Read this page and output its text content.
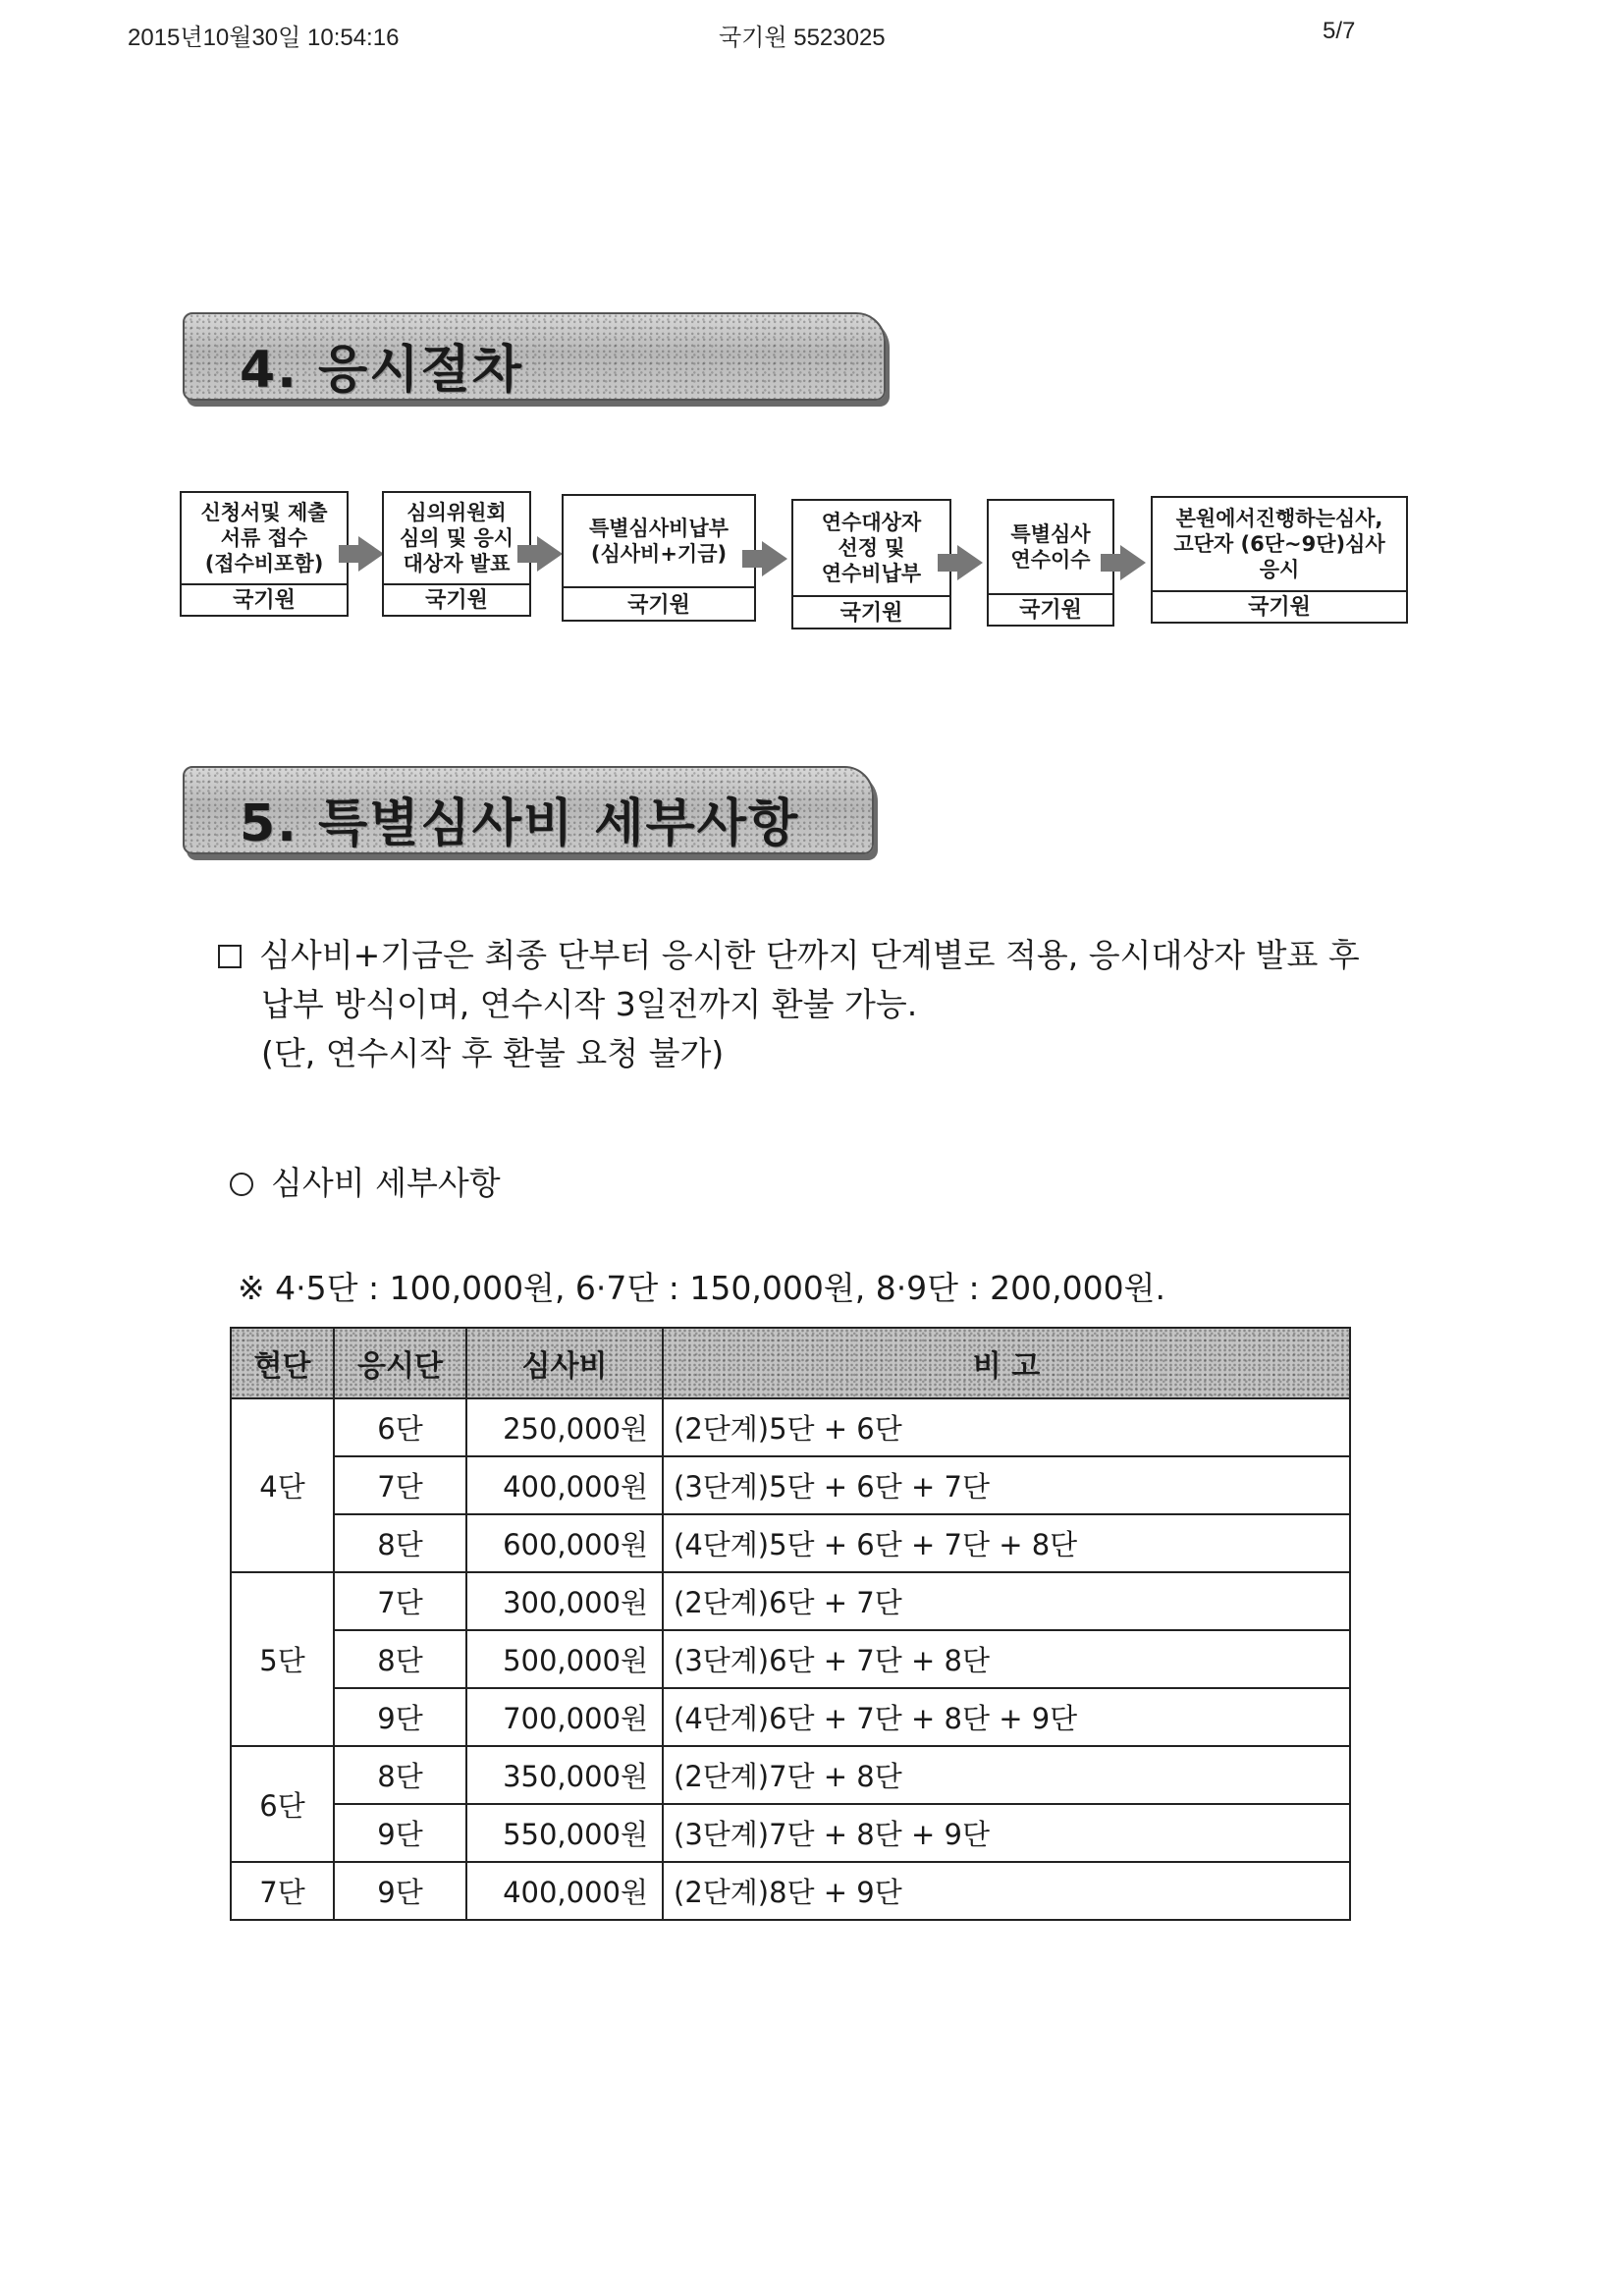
2015년10월30일 10:54:16	국기원 5523025	5/7
4. 응시절차
신청서및 제출
서류 접수
(접수비포함)
국기원
심의위원회
심의 및 응시
대상자 발표
국기원
특별심사비납부
(심사비+기금)
국기원
연수대상자
선정 및
연수비납부
국기원
특별심사
연수이수
국기원
본원에서진행하는심사,
고단자 (6단~9단)심사
응시
국기원
5. 특별심사비 세부사항
심사비+기금은 최종 단부터 응시한 단까지 단계별로 적용, 응시대상자 발표 후
납부 방식이며, 연수시작 3일전까지 환불 가능.
(단, 연수시작 후 환불 요청 불가)
심사비 세부사항
※ 4·5단 : 100,000원, 6·7단 : 150,000원, 8·9단 : 200,000원.
현단	응시단	심사비	비 고
4단	6단	250,000원	(2단계)5단 + 6단
	7단	400,000원	(3단계)5단 + 6단 + 7단
	8단	600,000원	(4단계)5단 + 6단 + 7단 + 8단
5단	7단	300,000원	(2단계)6단 + 7단
	8단	500,000원	(3단계)6단 + 7단 + 8단
	9단	700,000원	(4단계)6단 + 7단 + 8단 + 9단
6단	8단	350,000원	(2단계)7단 + 8단
	9단	550,000원	(3단계)7단 + 8단 + 9단
7단	9단	400,000원	(2단계)8단 + 9단
